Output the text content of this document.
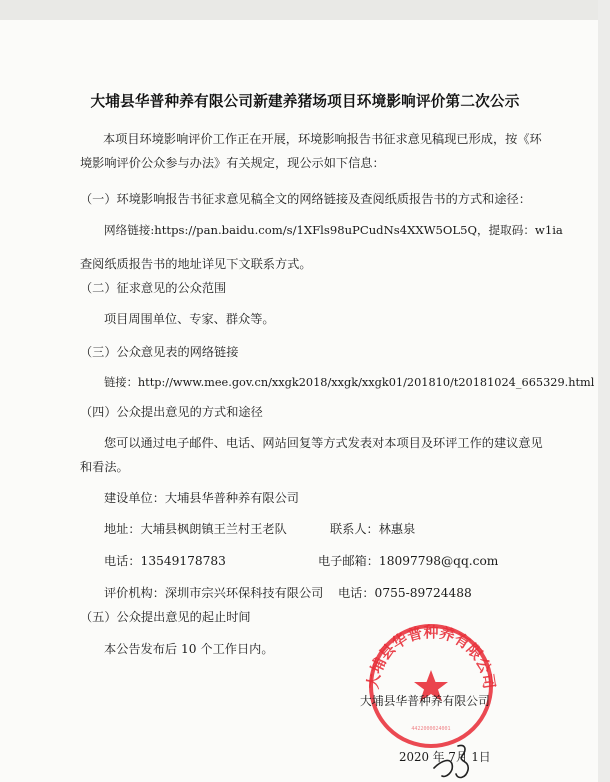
大埔县华普种养有限公司新建养猪场项目环境影响评价第二次公示
本项目环境影响评价工作正在开展，环境影响报告书征求意见稿现已形成，按《环
境影响评价公众参与办法》有关规定，现公示如下信息：
（一）环境影响报告书征求意见稿全文的网络链接及查阅纸质报告书的方式和途径：
网络链接:https://pan.baidu.com/s/1XFls98uPCudNs4XXW5OL5Q，提取码：w1ia
查阅纸质报告书的地址详见下文联系方式。
（二）征求意见的公众范围
项目周围单位、专家、群众等。
（三）公众意见表的网络链接
链接：http://www.mee.gov.cn/xxgk2018/xxgk/xxgk01/201810/t20181024_665329.html
（四）公众提出意见的方式和途径
您可以通过电子邮件、电话、网站回复等方式发表对本项目及环评工作的建议意见
和看法。
建设单位：大埔县华普种养有限公司
地址：大埔县枫朗镇王兰村王老队	联系人：林惠泉
电话：13549178783	电子邮箱：18097798@qq.com
评价机构：深圳市宗兴环保科技有限公司 电话：0755-89724488
（五）公众提出意见的起止时间
本公告发布后 10 个工作日内。
大埔县华普种养有限公司
4422000024001
大埔县华普种养有限公司
2020 年 7月 1日
